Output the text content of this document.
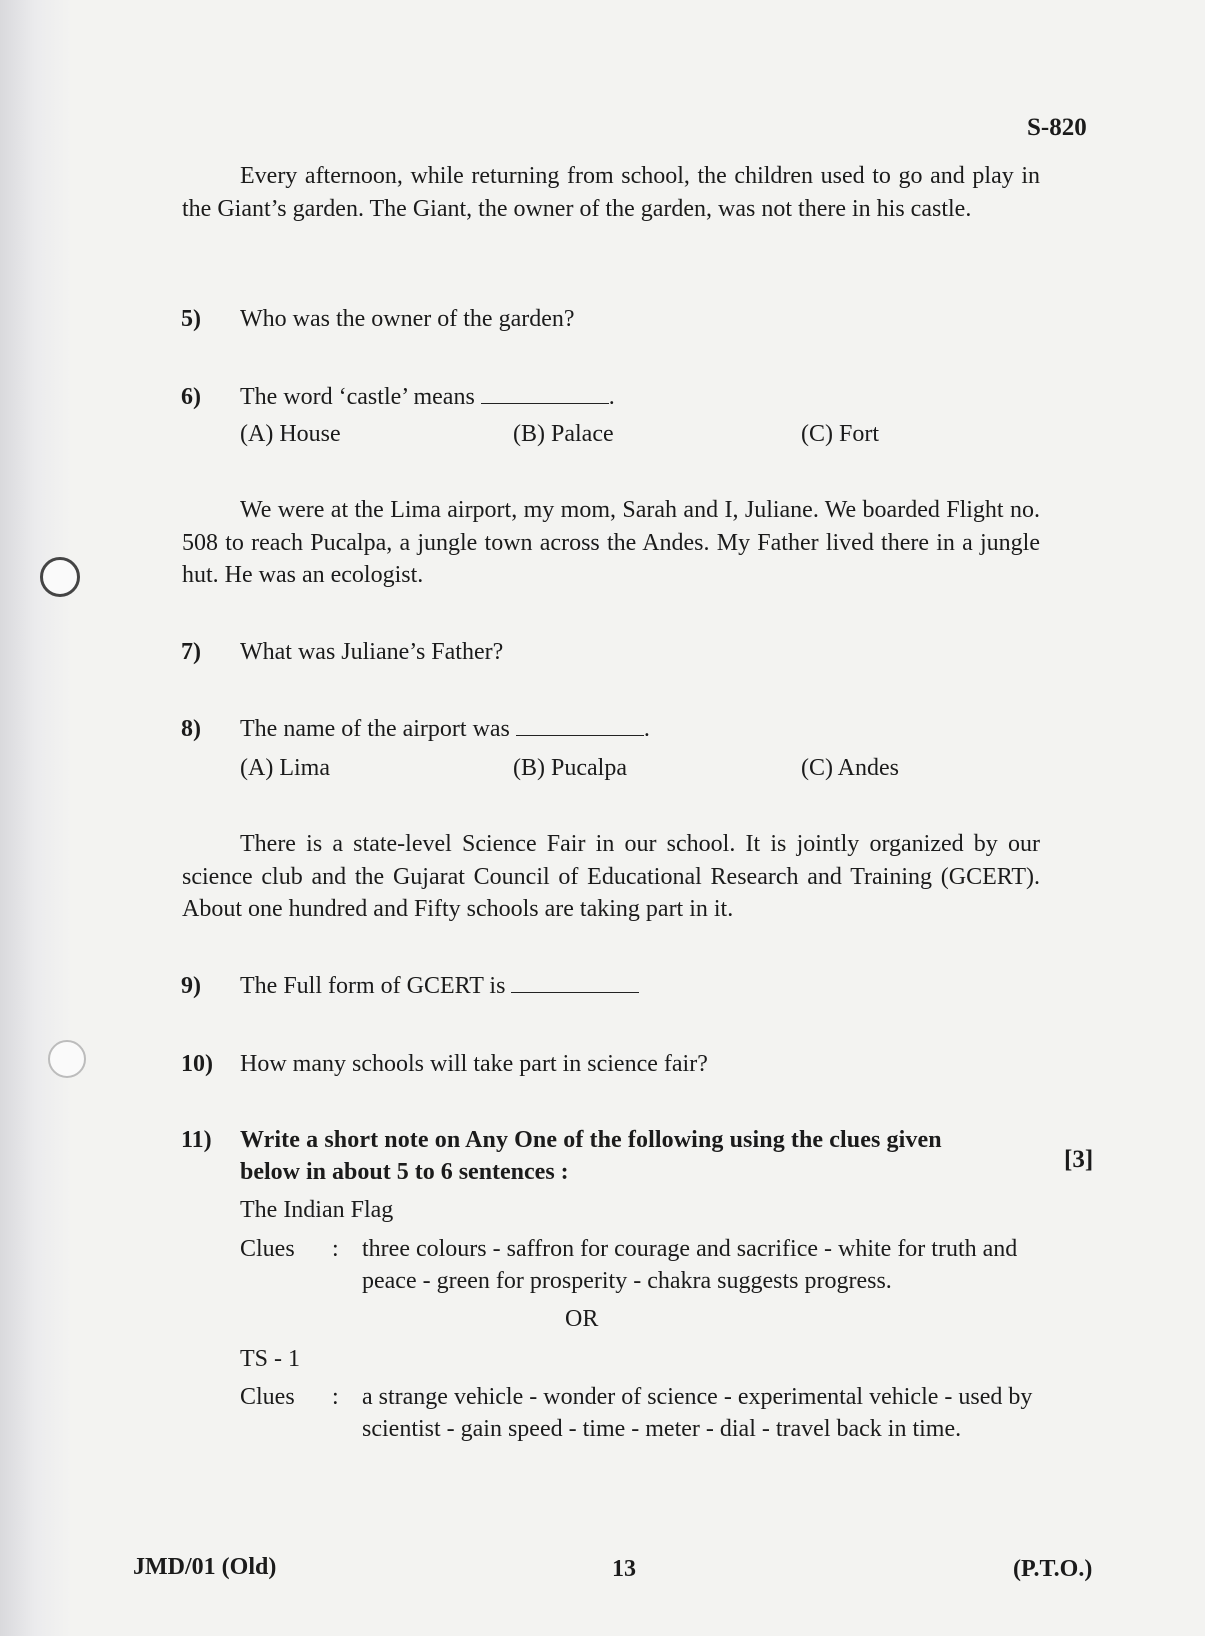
S-820

Every afternoon, while returning from school, the children used to go and play in the Giant’s garden. The Giant, the owner of the garden, was not there in his castle.

5) Who was the owner of the garden?
6) The word ‘castle’ means	.
(A) House	(B) Palace	(C) Fort

We were at the Lima airport, my mom, Sarah and I, Juliane. We boarded Flight no. 508 to reach Pucalpa, a jungle town across the Andes. My Father lived there in a jungle hut. He was an ecologist.

7) What was Juliane’s Father?
8) The name of the airport was	.
(A) Lima	(B) Pucalpa	(C) Andes

There is a state-level Science Fair in our school. It is jointly organized by our science club and the Gujarat Council of Educational Research and Training (GCERT). About one hundred and Fifty schools are taking part in it.

9) The Full form of GCERT is
10) How many schools will take part in science fair?
11) Write a short note on Any One of the following using the clues given
below in about 5 to 6 sentences :	[3]
The Indian Flag
Clues : three colours - saffron for courage and sacrifice - white for truth and peace - green for prosperity - chakra suggests progress.
OR
TS - 1
Clues : a strange vehicle - wonder of science - experimental vehicle - used by scientist - gain speed - time - meter - dial - travel back in time.
JMD/01 (Old)	13	(P.T.O.)
